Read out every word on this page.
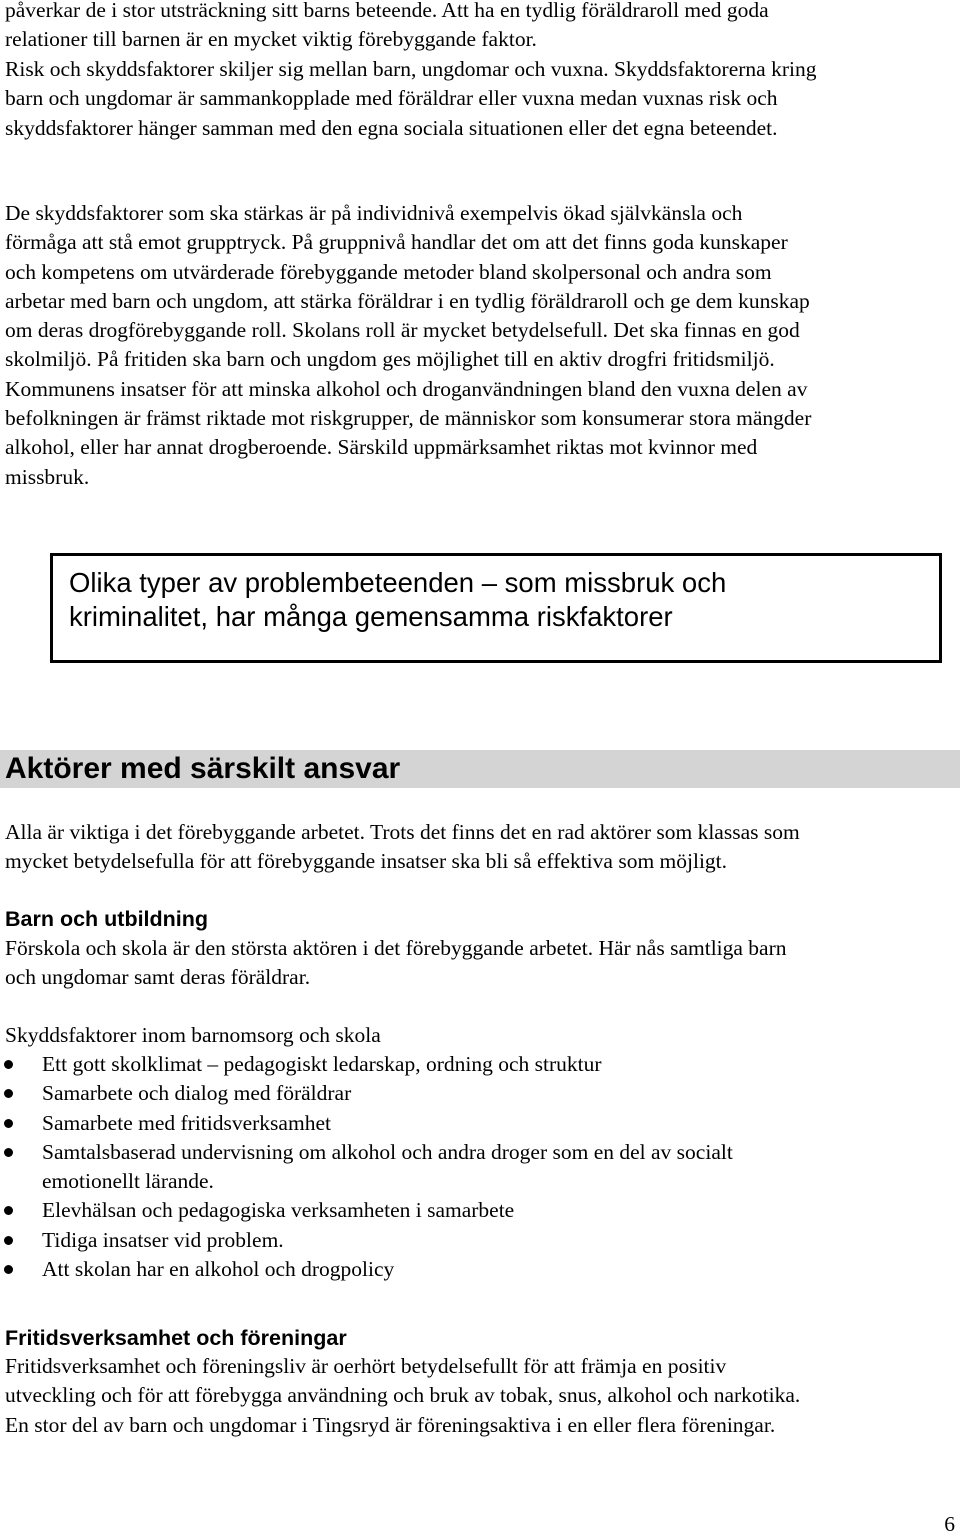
påverkar de i stor utsträckning sitt barns beteende. Att ha en tydlig föräldraroll med goda
relationer till barnen är en mycket viktig förebyggande faktor.
Risk och skyddsfaktorer skiljer sig mellan barn, ungdomar och vuxna. Skyddsfaktorerna kring
barn och ungdomar är sammankopplade med föräldrar eller vuxna medan vuxnas risk och
skyddsfaktorer hänger samman med den egna sociala situationen eller det egna beteendet.
De skyddsfaktorer som ska stärkas är på individnivå exempelvis ökad självkänsla och
förmåga att stå emot grupptryck. På gruppnivå handlar det om att det finns goda kunskaper
och kompetens om utvärderade förebyggande metoder bland skolpersonal och andra som
arbetar med barn och ungdom, att stärka föräldrar i en tydlig föräldraroll och ge dem kunskap
om deras drogförebyggande roll. Skolans roll är mycket betydelsefull. Det ska finnas en god
skolmiljö. På fritiden ska barn och ungdom ges möjlighet till en aktiv drogfri fritidsmiljö.
Kommunens insatser för att minska alkohol och droganvändningen bland den vuxna delen av
befolkningen är främst riktade mot riskgrupper, de människor som konsumerar stora mängder
alkohol, eller har annat drogberoende. Särskild uppmärksamhet riktas mot kvinnor med
missbruk.
Olika typer av problembeteenden – som missbruk och
kriminalitet, har många gemensamma riskfaktorer
Aktörer med särskilt ansvar
Alla är viktiga i det förebyggande arbetet. Trots det finns det en rad aktörer som klassas som
mycket betydelsefulla för att förebyggande insatser ska bli så effektiva som möjligt.
Barn och utbildning
Förskola och skola är den största aktören i det förebyggande arbetet. Här nås samtliga barn
och ungdomar samt deras föräldrar.
Skyddsfaktorer inom barnomsorg och skola
Ett gott skolklimat – pedagogiskt ledarskap, ordning och struktur
Samarbete och dialog med föräldrar
Samarbete med fritidsverksamhet
Samtalsbaserad undervisning om alkohol och andra droger som en del av socialt
emotionellt lärande.
Elevhälsan och pedagogiska verksamheten i samarbete
Tidiga insatser vid problem.
Att skolan har en alkohol och drogpolicy
Fritidsverksamhet och föreningar
Fritidsverksamhet och föreningsliv är oerhört betydelsefullt för att främja en positiv
utveckling och för att förebygga användning och bruk av tobak, snus, alkohol och narkotika.
En stor del av barn och ungdomar i Tingsryd är föreningsaktiva i en eller flera föreningar.
6
